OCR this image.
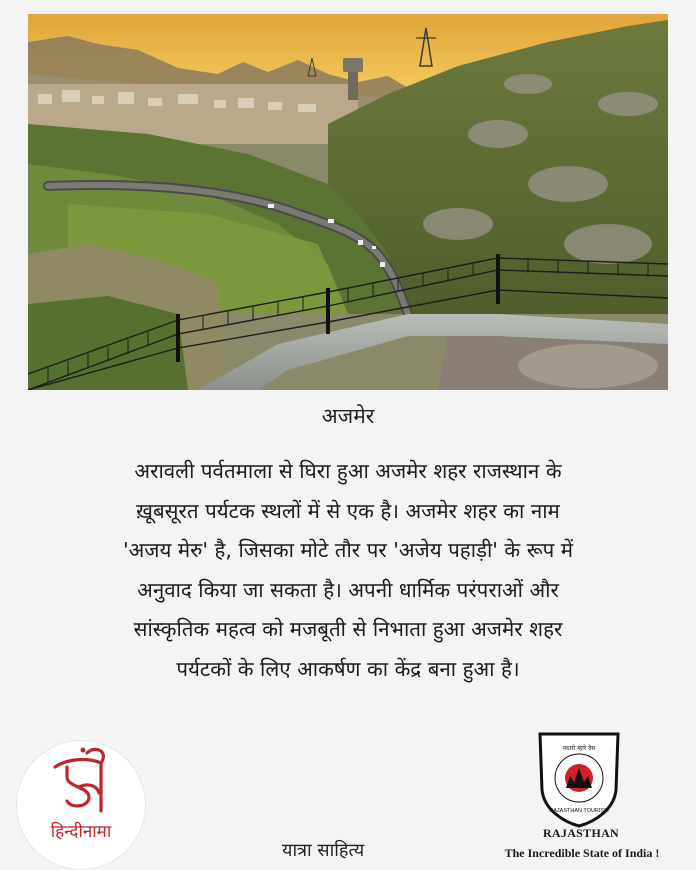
अजमेर
अरावली पर्वतमाला से घिरा हुआ अजमेर शहर राजस्थान के
ख़ूबसूरत पर्यटक स्थलों में से एक है। अजमेर शहर का नाम
'अजय मेरु' है, जिसका मोटे तौर पर 'अजेय पहाड़ी' के रूप में
अनुवाद किया जा सकता है। अपनी धार्मिक परंपराओं और
सांस्कृतिक महत्व को मजबूती से निभाता हुआ अजमेर शहर
पर्यटकों के लिए आकर्षण का केंद्र बना हुआ है।
हिन्दीनामा
यात्रा साहित्य
पधारो म्हारे देस
RAJASTHAN TOURISM
RAJASTHAN
The Incredible State of India !
